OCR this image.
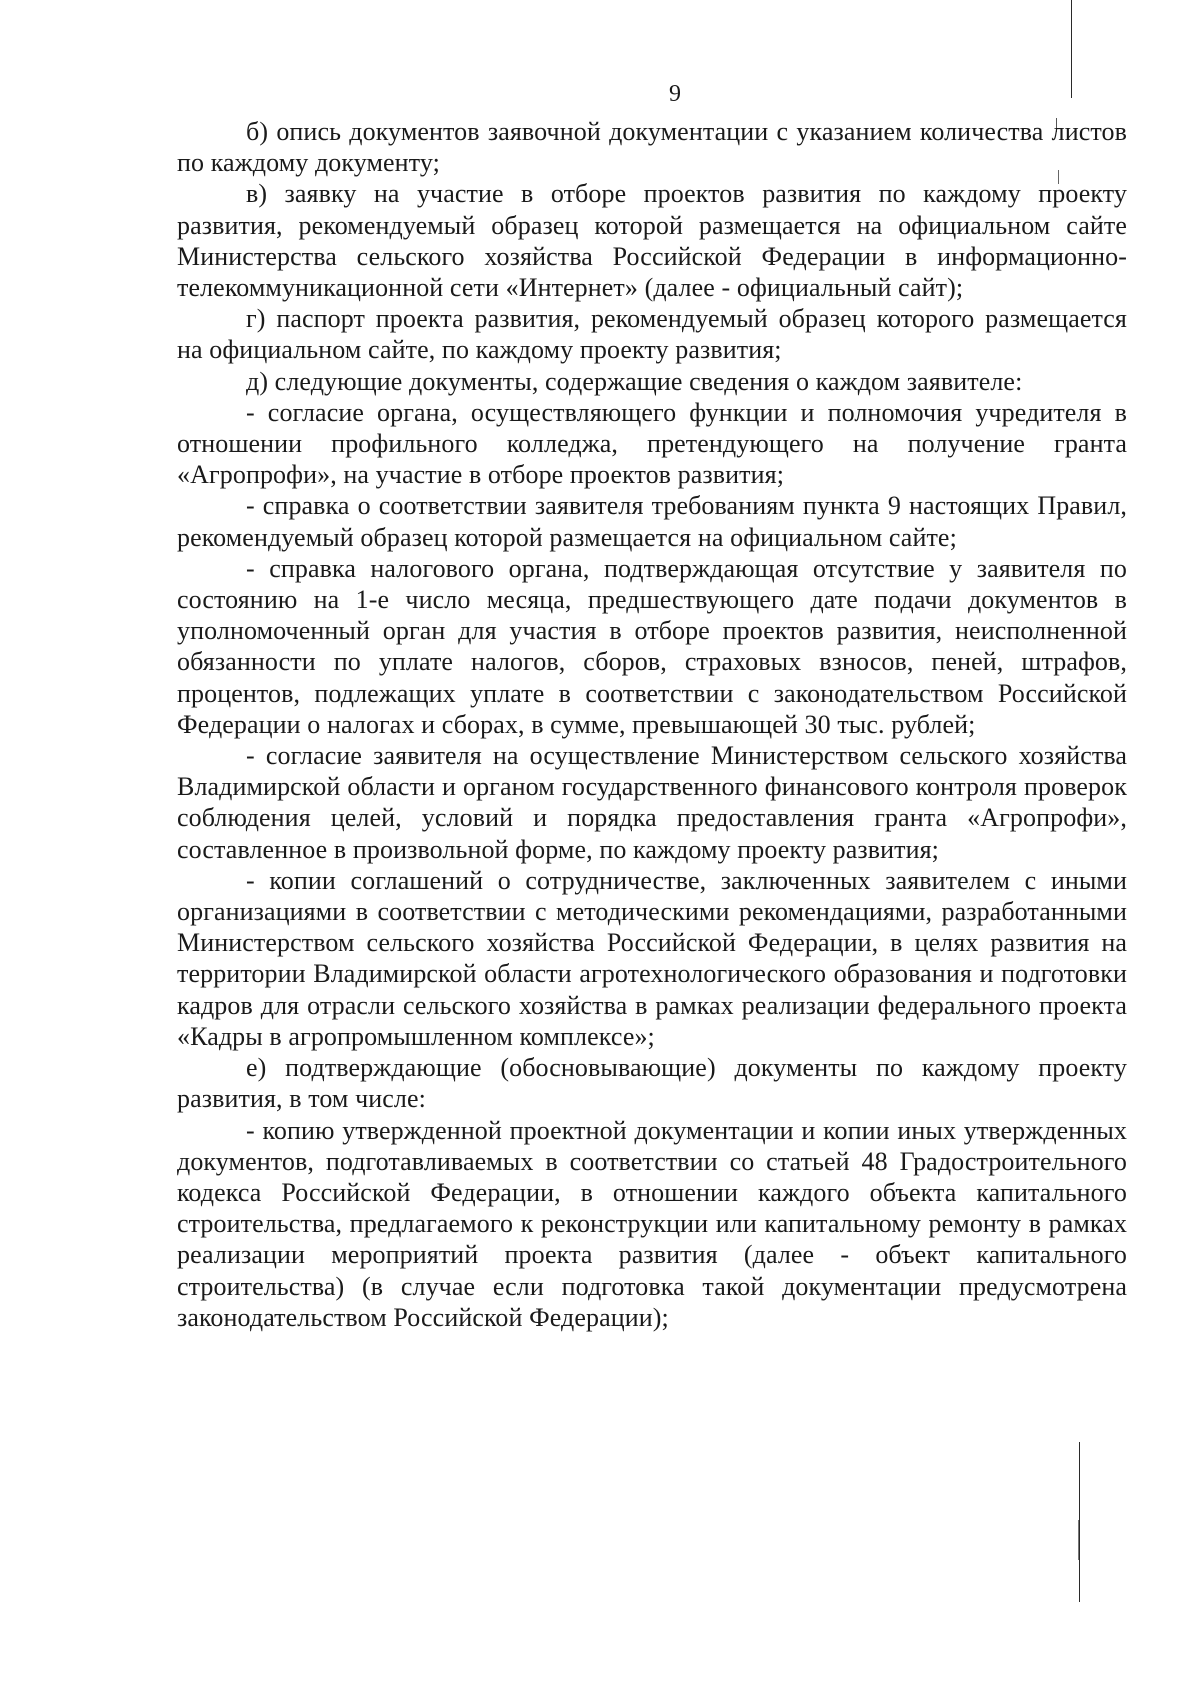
9

б) опись документов заявочной документации с указанием количества листов по каждому документу;

в) заявку на участие в отборе проектов развития по каждому проекту развития, рекомендуемый образец которой размещается на официальном сайте Министерства сельского хозяйства Российской Федерации в информационно-телекоммуникационной сети «Интернет» (далее - официальный сайт);

г) паспорт проекта развития, рекомендуемый образец которого размещается на официальном сайте, по каждому проекту развития;

д) следующие документы, содержащие сведения о каждом заявителе:

- согласие органа, осуществляющего функции и полномочия учредителя в отношении профильного колледжа, претендующего на получение гранта «Агропрофи», на участие в отборе проектов развития;

- справка о соответствии заявителя требованиям пункта 9 настоящих Правил, рекомендуемый образец которой размещается на официальном сайте;

- справка налогового органа, подтверждающая отсутствие у заявителя по состоянию на 1-е число месяца, предшествующего дате подачи документов в уполномоченный орган для участия в отборе проектов развития, неисполненной обязанности по уплате налогов, сборов, страховых взносов, пеней, штрафов, процентов, подлежащих уплате в соответствии с законодательством Российской Федерации о налогах и сборах, в сумме, превышающей 30 тыс. рублей;

- согласие заявителя на осуществление Министерством сельского хозяйства Владимирской области и органом государственного финансового контроля проверок соблюдения целей, условий и порядка предоставления гранта «Агропрофи», составленное в произвольной форме, по каждому проекту развития;

- копии соглашений о сотрудничестве, заключенных заявителем с иными организациями в соответствии с методическими рекомендациями, разработанными Министерством сельского хозяйства Российской Федерации, в целях развития на территории Владимирской области агротехнологического образования и подготовки кадров для отрасли сельского хозяйства в рамках реализации федерального проекта «Кадры в агропромышленном комплексе»;

е) подтверждающие (обосновывающие) документы по каждому проекту развития, в том числе:

- копию утвержденной проектной документации и копии иных утвержденных документов, подготавливаемых в соответствии со статьей 48 Градостроительного кодекса Российской Федерации, в отношении каждого объекта капитального строительства, предлагаемого к реконструкции или капитальному ремонту в рамках реализации мероприятий проекта развития (далее - объект капитального строительства) (в случае если подготовка такой документации предусмотрена законодательством Российской Федерации);
